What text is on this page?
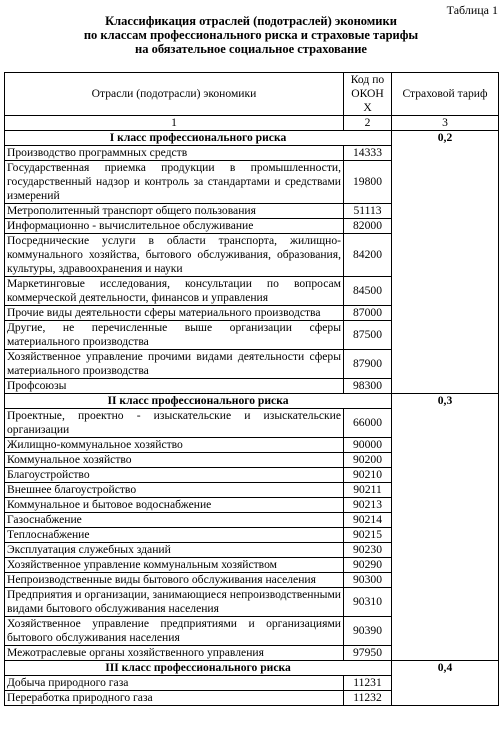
Таблица 1
Классификация отраслей (подотраслей) экономики
по классам профессионального риска и страховые тарифы
на обязательное социальное страхование
Отрасли (подотрасли) экономики	Код по ОКОН Х	Страховой тариф
1	2	3
I класс профессионального риска		0,2
Производство программных средств	14333	
Государственная приемка продукции в промышленности, государственный надзор и контроль за стандартами и средствами измерений	19800	
Метрополитенный транспорт общего пользования	51113	
Информационно - вычислительное обслуживание	82000	
Посреднические услуги в области транспорта, жилищно-коммунального хозяйства, бытового обслуживания, образования, культуры, здравоохранения и науки	84200	
Маркетинговые исследования, консультации по вопросам коммерческой деятельности, финансов и управления	84500	
Прочие виды деятельности сферы материального производства	87000	
Другие, не перечисленные выше организации сферы материального производства	87500	
Хозяйственное управление прочими видами деятельности сферы материального производства	87900	
Профсоюзы	98300	
II класс профессионального риска		0,3
Проектные, проектно - изыскательские и изыскательские организации	66000	
Жилищно-коммунальное хозяйство	90000	
Коммунальное хозяйство	90200	
Благоустройство	90210	
Внешнее благоустройство	90211	
Коммунальное и бытовое водоснабжение	90213	
Газоснабжение	90214	
Теплоснабжение	90215	
Эксплуатация служебных зданий	90230	
Хозяйственное управление коммунальным хозяйством	90290	
Непроизводственные виды бытового обслуживания населения	90300	
Предприятия и организации, занимающиеся непроизводственными видами бытового обслуживания населения	90310	
Хозяйственное управление предприятиями и организациями бытового обслуживания населения	90390	
Межотраслевые органы хозяйственного управления	97950	
III класс профессионального риска		0,4
Добыча природного газа	11231	
Переработка природного газа	11232	
